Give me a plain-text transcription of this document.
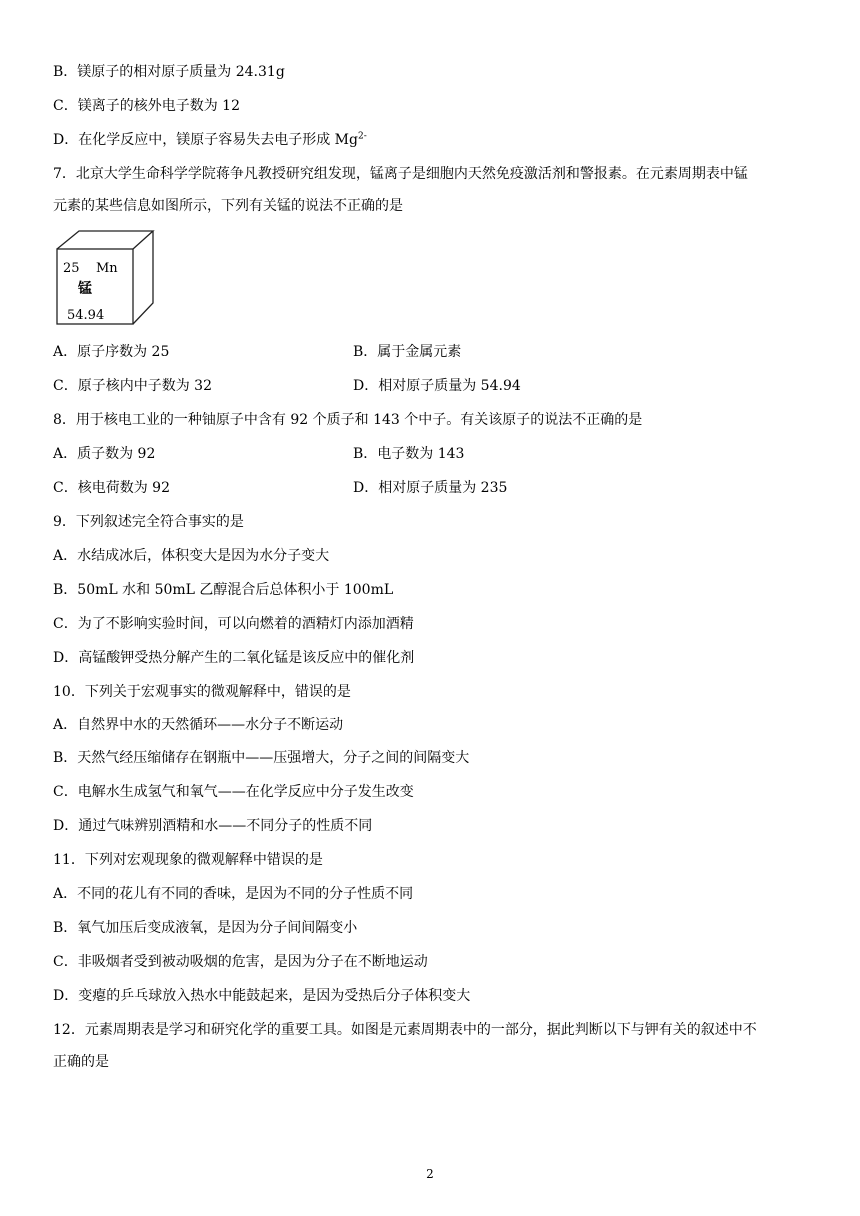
B．镁原子的相对原子质量为 24.31g
C．镁离子的核外电子数为 12
D．在化学反应中，镁原子容易失去电子形成 $Mg^{2-}$
7．北京大学生命科学学院蒋争凡教授研究组发现，锰离子是细胞内天然免疫激活剂和警报素。在元素周期表中锰
元素的某些信息如图所示，下列有关锰的说法不正确的是
A．原子序数为 25
C．原子核内中子数为 32
8．用于核电工业的一种铀原子中含有 92 个质子和 143 个中子。有关该原子的说法不正确的是
A．质子数为 92
C．核电荷数为 92
9．下列叙述完全符合事实的是
A．水结成冰后，体积变大是因为水分子变大
B．50mL 水和 50mL 乙醇混合后总体积小于 100mL
C．为了不影响实验时间，可以向燃着的酒精灯内添加酒精
D．高锰酸钾受热分解产生的二氧化锰是该反应中的催化剂
10．下列关于宏观事实的微观解释中，错误的是
A．自然界中水的天然循环——水分子不断运动
B．天然气经压缩储存在钢瓶中——压强增大，分子之间的间隔变大
C．电解水生成氢气和氧气——在化学反应中分子发生改变
D．通过气味辨别酒精和水——不同分子的性质不同
11．下列对宏观现象的微观解释中错误的是
A．不同的花儿有不同的香味，是因为不同的分子性质不同
B．氧气加压后变成液氧，是因为分子间间隔变小
C．非吸烟者受到被动吸烟的危害，是因为分子在不断地运动
D．变瘪的乒乓球放入热水中能鼓起来，是因为受热后分子体积变大
12．元素周期表是学习和研究化学的重要工具。如图是元素周期表中的一部分，据此判断以下与钾有关的叙述中不
正确的是
B．属于金属元素
D．相对原子质量为 54.94
B．电子数为 143
D．相对原子质量为 235
25 Mn
锰
54.94
2
